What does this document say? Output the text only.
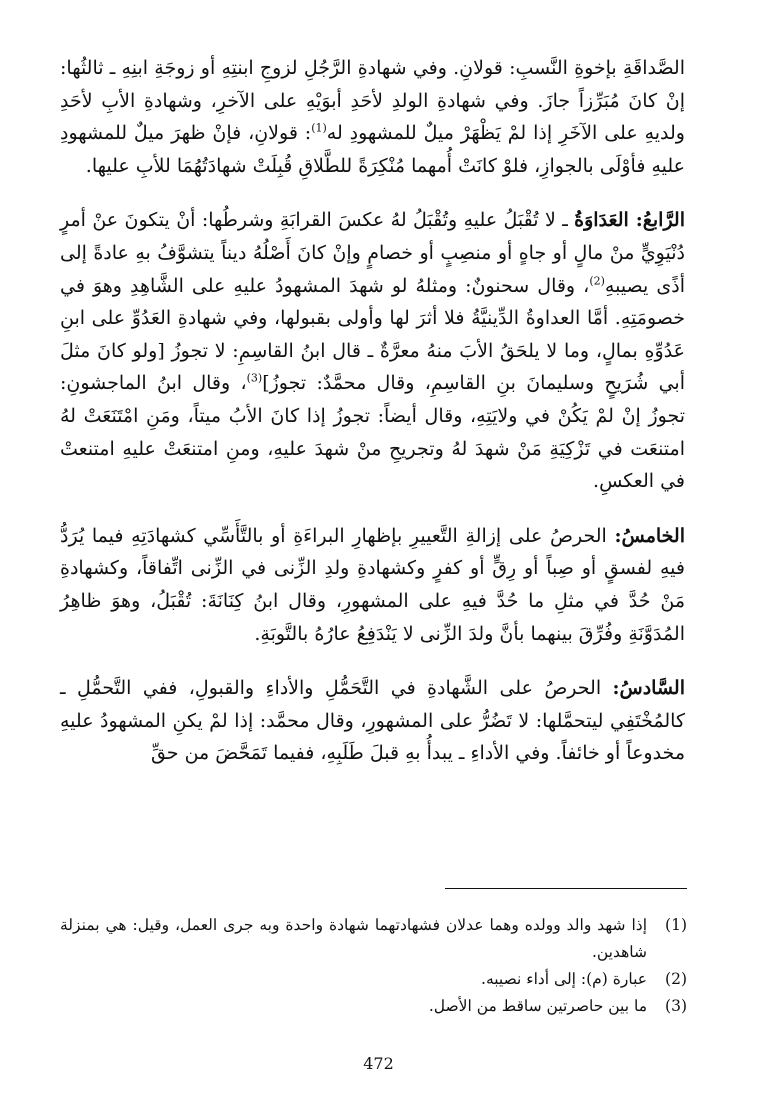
الصَّداقَةِ بإخوةِ النَّسبِ: قولانِ. وفي شهادةِ الرَّجُلِ لزوجِ ابنتِهِ أو زوجَةِ ابنِهِ ـ ثالثُها: إنْ كانَ مُبَرِّزاً جازَ. وفي شهادةِ الولدِ لأحَدِ أبوَيْهِ على الآخرِ، وشهادةِ الأبِ لأحَدِ ولديهِ على الآخَرِ إذا لمْ يَظْهَرْ ميلٌ للمشهودِ له$^{(1)}$: قولانِ، فإنْ ظهرَ ميلٌ للمشهودِ عليهِ فأوْلَى بالجوازِ، فلوْ كانَتْ أُمهما مُنْكِرَةً للطَّلاقِ قُبِلَتْ شهادَتُهُمَا للأبِ عليها.

الرَّابعُ: العَدَاوَةُ ـ لا تُقْبَلُ عليهِ وتُقْبَلُ لهُ عكسَ القرابَةِ وشرطُها: أنْ يتكونَ عنْ أمرٍ دُنْيَوِيٍّ منْ مالٍ أو جاهٍ أو منصِبٍ أو خصامٍ وإنْ كانَ أَصْلُهُ ديناً يتشوَّفُ بهِ عادةً إلى أذًى يصيبهِ$^{(2)}$، وقال سحنونٌ: ومثلهُ لو شهدَ المشهودُ عليهِ على الشَّاهِدِ وهوَ في خصومَتِهِ. أمَّا العداوةُ الدِّينيَّةُ فلا أثرَ لها وأولى بقبولها، وفي شهادةِ العَدُوِّ على ابنِ عَدُوِّهِ بمالٍ، وما لا يلحَقُ الأبَ منهُ معرَّةٌ ـ قال ابنُ القاسِمِ: لا تجوزُ [ولو كانَ مثلَ أبي شُرَيحٍ وسليمانَ بنِ القاسِمِ، وقال محمَّدٌ: تجوزُ]$^{(3)}$، وقال ابنُ الماجشونِ: تجوزُ إنْ لمْ يَكُنْ في ولايَتِهِ، وقال أيضاً: تجوزُ إذا كانَ الأبُ ميتاً، ومَنِ امْتَنَعَتْ لهُ امتنعَت في تَزْكِيَةِ مَنْ شهدَ لهُ وتجريحِ منْ شهدَ عليهِ، ومنِ امتنعَتْ عليهِ امتنعتْ في العكسِ.

الخامسُ: الحرصُ على إزالةِ التَّعييرِ بإظهارِ البراءَةِ أو بالتَّأَسِّي كشهادَتِهِ فيما يُرَدُّ فيهِ لفسقٍ أو صِباً أو رِقٍّ أو كفرٍ وكشهادةِ ولدِ الزِّنى في الزِّنى اتِّفاقاً، وكشهادةِ مَنْ حُدَّ في مثلِ ما حُدَّ فيهِ على المشهورِ، وقال ابنُ كِنَانَةَ: تُقْبَلُ، وهوَ ظاهِرُ المُدَوَّنَةِ وفُرِّقَ بينهما بأنَّ ولدَ الزِّنى لا يَنْدَفِعُ عارُهُ بالتَّوبَةِ.

السَّادسُ: الحرصُ على الشَّهادةِ في التَّحَمُّلِ والأداءِ والقبولِ، ففي التَّحمُّلِ ـ كالمُخْتَفِي ليتحمَّلها: لا تَضُرُّ على المشهورِ، وقال محمَّد: إذا لمْ يكنِ المشهودُ عليهِ مخدوعاً أو خائفاً. وفي الأداءِ ـ يبدأُ بهِ قبلَ طَلَبِهِ، ففيما تَمَحَّضَ من حقِّ

(1)
إذا شهد والد وولده وهما عدلان فشهادتهما شهادة واحدة وبه جرى العمل، وقيل: هي بمنزلة شاهدين.
(2)
عبارة (م): إلى أداء نصيبه.
(3)
ما بين حاصرتين ساقط من الأصل.
472
